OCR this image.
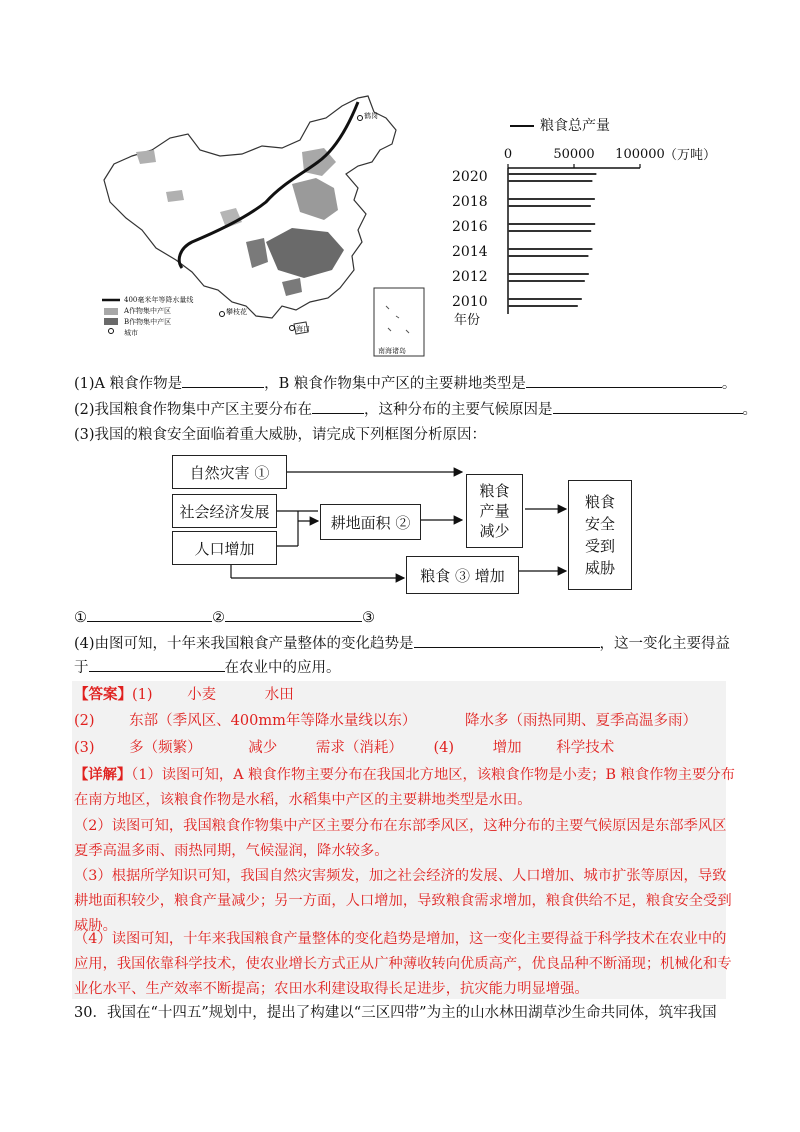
400毫米年等降水量线
A作物集中产区
B作物集中产区
城市
鹤岗
攀枝花
海口
南海诸岛
粮食总产量
0	50000 100000 （万吨）
2020
2018
2016
2014
2012
2010
年份
(1)A 粮食作物是	，B 粮食作物集中产区的主要耕地类型是	。
(2)我国粮食作物集中产区主要分布在	，这种分布的主要气候原因是	。
(3)我国的粮食安全面临着重大威胁，请完成下列框图分析原因：
自然灾害 ①
社会经济发展
人口增加
耕地面积 ②
粮食产量减少
粮食 ③ 增加
粮食安全受到威胁
①	②	③
(4)由图可知，十年来我国粮食产量整体的变化趋势是	，这一变化主要得益
于	在农业中的应用。
【答案】(1) 小麦	水田
(2) 东部（季风区、400mm年等降水量线以东）	降水多（雨热同期、夏季高温多雨）
(3) 多（频繁）	减少	需求（消耗） (4)	增加 科学技术
【详解】（1）读图可知，A 粮食作物主要分布在我国北方地区，该粮食作物是小麦；B 粮食作物主要分布
在南方地区，该粮食作物是水稻，水稻集中产区的主要耕地类型是水田。
（2）读图可知，我国粮食作物集中产区主要分布在东部季风区，这种分布的主要气候原因是东部季风区
夏季高温多雨、雨热同期，气候湿润，降水较多。
（3）根据所学知识可知，我国自然灾害频发，加之社会经济的发展、人口增加、城市扩张等原因，导致
耕地面积较少，粮食产量减少；另一方面，人口增加，导致粮食需求增加，粮食供给不足，粮食安全受到
威胁。
（4）读图可知，十年来我国粮食产量整体的变化趋势是增加，这一变化主要得益于科学技术在农业中的
应用，我国依靠科学技术，使农业增长方式正从广种薄收转向优质高产，优良品种不断涌现；机械化和专
业化水平、生产效率不断提高；农田水利建设取得长足进步，抗灾能力明显增强。
30．我国在“十四五”规划中，提出了构建以“三区四带”为主的山水林田湖草沙生命共同体，筑牢我国
